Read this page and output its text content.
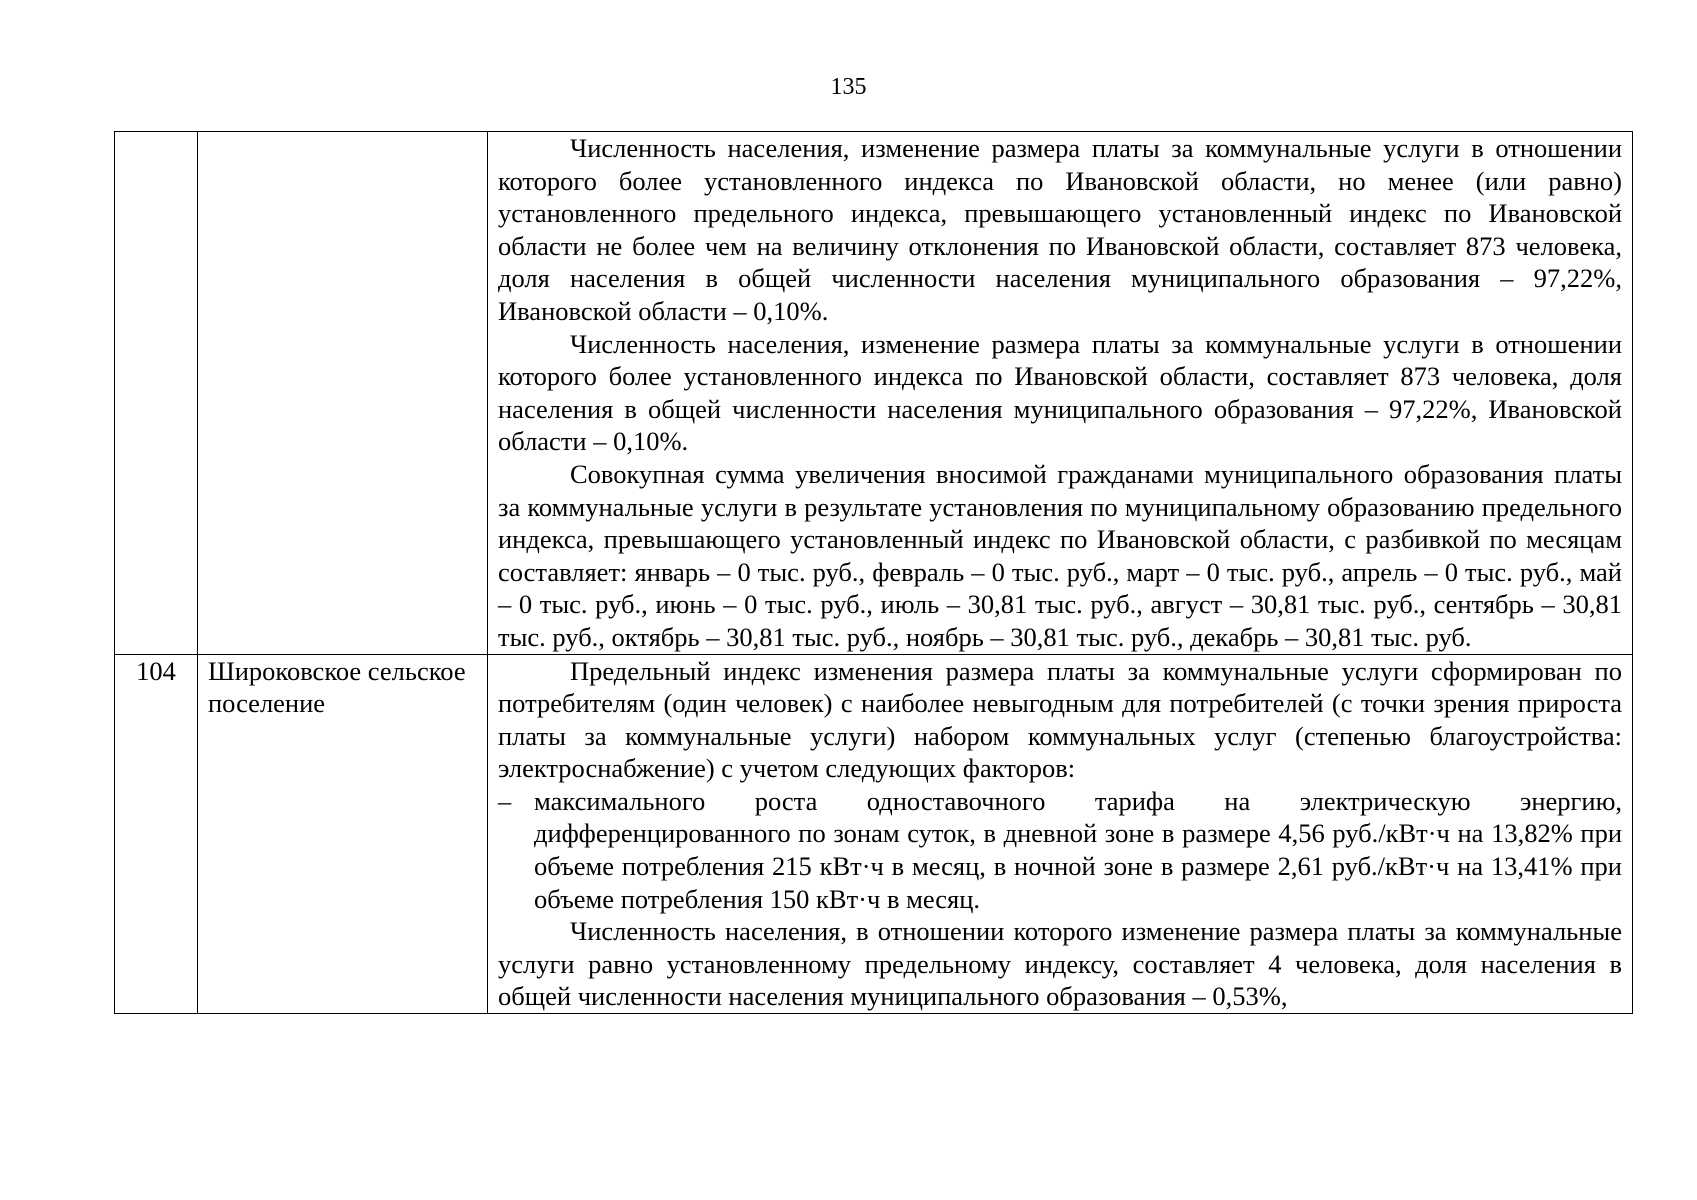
135

		Численность населения, изменение размера платы за коммунальные услуги в отношении которого более установленного индекса по Ивановской области, но менее (или равно) установленного предельного индекса, превышающего установленный индекс по Ивановской области не более чем на величину отклонения по Ивановской области, составляет 873 человека, доля населения в общей численности населения муниципального образования – 97,22%, Ивановской области – 0,10%.

Численность населения, изменение размера платы за коммунальные услуги в отношении которого более установленного индекса по Ивановской области, составляет 873 человека, доля населения в общей численности населения муниципального образования – 97,22%, Ивановской области – 0,10%.

Совокупная сумма увеличения вносимой гражданами муниципального образования платы за коммунальные услуги в результате установления по муниципальному образованию предельного индекса, превышающего установленный индекс по Ивановской области, с разбивкой по месяцам составляет: январь – 0 тыс. руб., февраль – 0 тыс. руб., март – 0 тыс. руб., апрель – 0 тыс. руб., май – 0 тыс. руб., июнь – 0 тыс. руб., июль – 30,81 тыс. руб., август – 30,81 тыс. руб., сентябрь – 30,81 тыс. руб., октябрь – 30,81 тыс. руб., ноябрь – 30,81 тыс. руб., декабрь – 30,81 тыс. руб.

104	Широковское сельское поселение	Предельный индекс изменения размера платы за коммунальные услуги сформирован по потребителям (один человек) с наиболее невыгодным для потребителей (с точки зрения прироста платы за коммунальные услуги) набором коммунальных услуг (степенью благоустройства: электроснабжение) с учетом следующих факторов:

– максимального роста одноставочного тарифа на электрическую энергию, дифференцированного по зонам суток, в дневной зоне в размере 4,56 руб./кВт·ч на 13,82% при объеме потребления 215 кВт·ч в месяц, в ночной зоне в размере 2,61 руб./кВт·ч на 13,41% при объеме потребления 150 кВт·ч в месяц.

Численность населения, в отношении которого изменение размера платы за коммунальные услуги равно установленному предельному индексу, составляет 4 человека, доля населения в общей численности населения муниципального образования – 0,53%,
